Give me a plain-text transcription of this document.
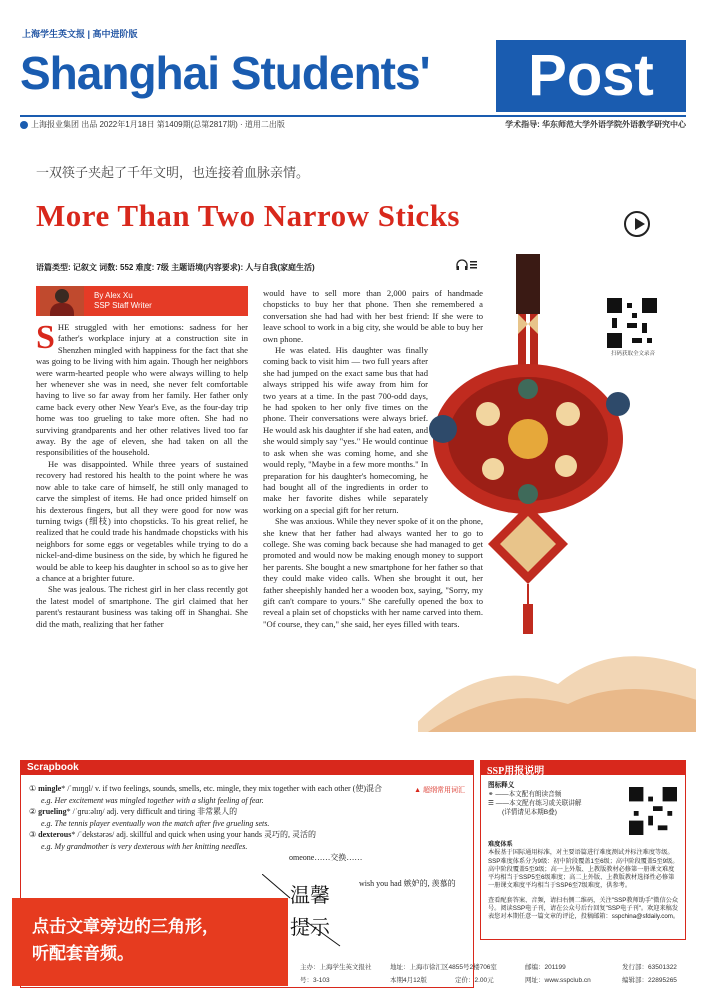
上海学生英文报 | 高中进阶版
Shanghai Students'	Post
上海报业集团 出品 2022年1月18日 第1409期(总第2817期) · 道用二出版	学术指导: 华东师范大学外语学院外语教学研究中心
一双筷子夹起了千年文明，也连接着血脉亲情。
More Than Two Narrow Sticks
语篇类型: 记叙文 词数: 552 难度: 7级 主题语境(内容要求): 人与自我(家庭生活)
By Alex Xu
SSP Staff Writer

SHE struggled with her emotions: sadness for her father's workplace injury at a construction site in Shenzhen mingled with happiness for the fact that she was going to be living with him again. Though her neighbors were warm-hearted people who were always willing to help her whenever she was in need, she never felt comfortable having to live so far away from her family. Her father only came back every other New Year's Eve, as the four-day trip home was too grueling to take more often. She had no surviving grandparents and her other relatives lived too far away. By the age of eleven, she had taken on all the responsibilities of the household.

He was disappointed. While three years of sustained recovery had restored his health to the point where he was now able to take care of himself, he still only managed to carve the simplest of items. He had once prided himself on his dexterous fingers, but all they were good for now was turning twigs (细枝) into chopsticks. To his great relief, he realized that he could trade his handmade chopsticks with his neighbors for some eggs or vegetables while trying to do a nickel-and-dime business on the side, by which he figured he would be able to keep his daughter in school so as to give her a chance at a brighter future.

She was jealous. The richest girl in her class recently got the latest model of smartphone. The girl claimed that her parent's restaurant business was taking off in Shanghai. She did the math, realizing that her father

would have to sell more than 2,000 pairs of handmade chopsticks to buy her that phone. Then she remembered a conversation she had had with her best friend: If she were to leave school to work in a big city, she would be able to buy her own phone.

He was elated. His daughter was finally coming back to visit him — two full years after she had jumped on the exact same bus that had always stripped his wife away from him for two years at a time. In the past 700-odd days, he had spoken to her only five times on the phone. Their conversations were always brief. He would ask his daughter if she had eaten, and she would simply say "yes." He would continue to ask when she was coming home, and she would reply, "Maybe in a few more months." In preparation for his daughter's homecoming, he had bought all of the ingredients in order to make her favorite dishes while separately working on a special gift for her return.

She was anxious. While they never spoke of it on the phone, she knew that her father had always wanted her to go to college. She was coming back because she had managed to get promoted and would now be making enough money to support her parents. She bought a new smartphone for her father so that they could make video calls. When she brought it out, her father sheepishly handed her a wooden box, saying, "Sorry, my gift can't compare to yours." She carefully opened the box to reveal a plain set of chopsticks with her name carved into them. "Of course, they can," she said, her eyes filled with tears.

扫码获取全文录音
Scrapbook
▲ 超纲常用词汇
① mingle* /ˈmɪŋɡl/ v. if two feelings, sounds, smells, etc. mingle, they mix together with each other (使)混合
e.g. Her excitement was mingled together with a slight feeling of fear.
② grueling* /ˈɡruːəlɪŋ/ adj. very difficult and tiring 非常累人的
e.g. The tennis player eventually won the match after five grueling sets.
③ dexterous* /ˈdekstərəs/ adj. skillful and quick when using your hands 灵巧的, 灵活的
e.g. My grandmother is very dexterous with her knitting needles.
omeone……交换……
wish you had 嫉妒的, 羡慕的
SSP用报说明
图标释义
⚭ ——本文配有朗读音频
☰ ——本文配有练习或关联讲解
(详情请见本期B叠)
难度体系
本报基于国际通用标准，对主要语篇进行难度测试并标注难度等级。SSP难度体系分为9级：初中阶段覆盖1至6级；高中阶段覆盖5至9级。高中阶段覆盖5至9级；高一上外版、上教版教材必修第一册课文难度平均相当于SSP5至6级难度；高二上外版、上教版教材选择性必修第一册课文难度平均相当于SSP6至7级难度，供参考。
查看配套答案、音频，请扫右侧二维码，关注"SSP教师助手"微信公众号。阅读SSP电子刊，请在公众号后台回复"SSP电子刊"。欢迎来稿发表您对本期任意一篇文章的评论，投稿邮箱：sspchina@sfdaily.com。
主办：上海学生英文报社
号：3-103
地址：上海市徐汇区4855号2楼706室
本期4月12版	定价：2.00元
邮编：201199
网址：www.sspclub.cn
发行部：63501322
编辑部：22895265
温馨
提示
点击文章旁边的三角形，
听配套音频。
